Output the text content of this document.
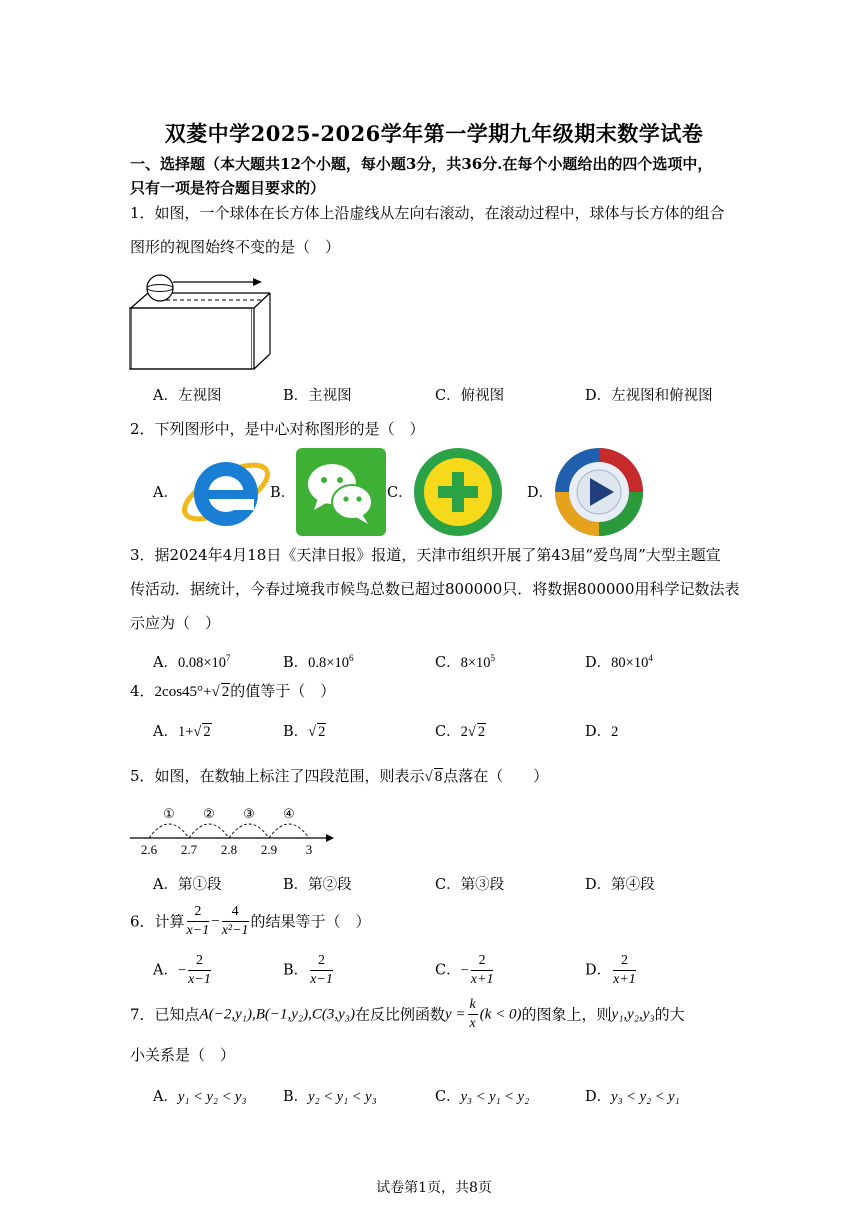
双菱中学2025-2026学年第一学期九年级期末数学试卷
一、选择题（本大题共12个小题，每小题3分，共36分.在每个小题给出的四个选项中，
只有一项是符合题目要求的）
1．如图，一个球体在长方体上沿虚线从左向右滚动，在滚动过程中，球体与长方体的组合
图形的视图始终不变的是（　）
A．左视图	B．主视图	C．俯视图	D．左视图和俯视图
2．下列图形中，是中心对称图形的是（　）
A．	B．	C．	D．
3．据2024年4月18日《天津日报》报道，天津市组织开展了第43届“爱鸟周”大型主题宣
传活动．据统计，今春过境我市候鸟总数已超过800000只．将数据800000用科学记数法表
示应为（　）
A．$0.08\times 10^7$	B．$0.8\times 10^6$	C．$8\times 10^5$	D．$80\times 10^4$
4．2cos45°+√ 2的值等于（　）
A．1+√ 2	B．√ 2	C．2√ 2	D．2
5．如图，在数轴上标注了四段范围，则表示√ 8点落在（　　）
① ② ③ ④
2.6 2.7 2.8 2.9 3
A．第①段	B．第②段	C．第③段	D．第④段
6．计算 $\frac{2}{x-1} - \frac{4}{\text{x²−1}}$ 的结果等于（　）
A．− $\frac{2}{x-1}$	B． $\frac{2}{x-1}$	C．− $\frac{2}{x+1}$	D． $\frac{2}{x+1}$
7．已知点A(−2,y₁),B(−1,y₂),C(3,y₃)在反比例函数$y = \frac{k}{x} (k < 0)$的图象上，则y₁,y₂,y₃的大
小关系是（　）
A．y₁ < y₂ < y₃	B．y₂ < y₁ < y₃	C．y₃ < y₁ < y₂	D．y₃ < y₂ < y₁
试卷第1页，共8页
